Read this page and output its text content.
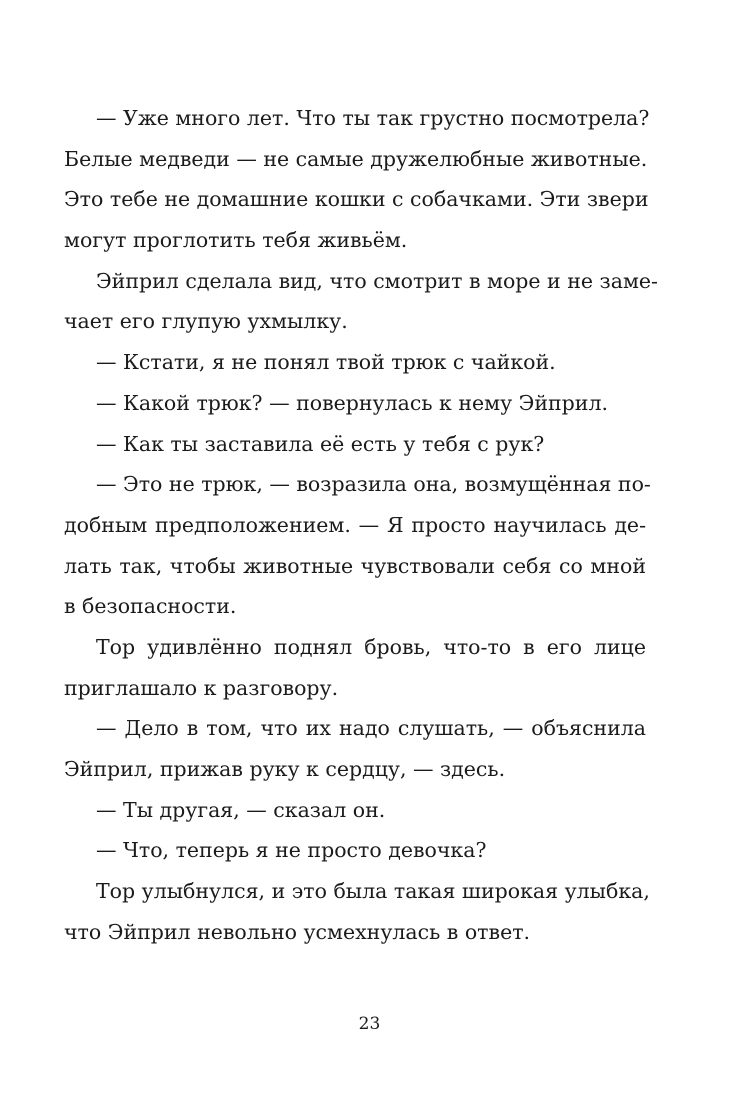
— Уже много лет. Что ты так грустно посмотрела?
Белые медведи — не самые дружелюбные животные.
Это тебе не домашние кошки с собачками. Эти звери
могут проглотить тебя живьём.
Эйприл сделала вид, что смотрит в море и не заме-
чает его глупую ухмылку.
— Кстати, я не понял твой трюк с чайкой.
— Какой трюк? — повернулась к нему Эйприл.
— Как ты заставила её есть у тебя с рук?
— Это не трюк, — возразила она, возмущённая по-
добным предположением. — Я просто научилась де-
лать так, чтобы животные чувствовали себя со мной
в безопасности.
Тор удивлённо поднял бровь, что-то в его лице
приглашало к разговору.
— Дело в том, что их надо слушать, — объяснила
Эйприл, прижав руку к сердцу, — здесь.
— Ты другая, — сказал он.
— Что, теперь я не просто девочка?
Тор улыбнулся, и это была такая широкая улыбка,
что Эйприл невольно усмехнулась в ответ.
23
